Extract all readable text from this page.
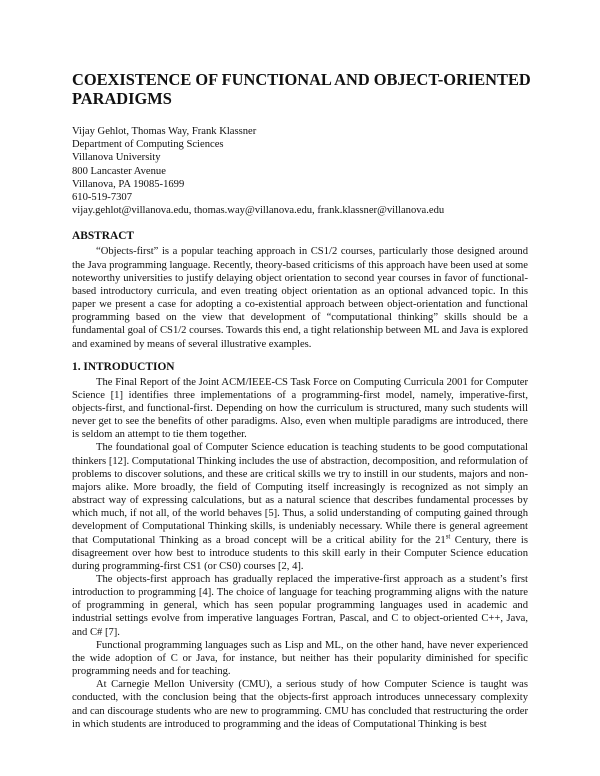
COEXISTENCE OF FUNCTIONAL AND OBJECT-ORIENTED PARADIGMS
Vijay Gehlot, Thomas Way, Frank Klassner
Department of Computing Sciences
Villanova University
800 Lancaster Avenue
Villanova, PA 19085-1699
610-519-7307
vijay.gehlot@villanova.edu, thomas.way@villanova.edu, frank.klassner@villanova.edu
ABSTRACT

“Objects-first” is a popular teaching approach in CS1/2 courses, particularly those designed around the Java programming language. Recently, theory-based criticisms of this approach have been used at some noteworthy universities to justify delaying object orientation to second year courses in favor of functional-based introductory curricula, and even treating object orientation as an optional advanced topic. In this paper we present a case for adopting a co-existential approach between object-orientation and functional programming based on the view that development of “computational thinking” skills should be a fundamental goal of CS1/2 courses. Towards this end, a tight relationship between ML and Java is explored and examined by means of several illustrative examples.

1. INTRODUCTION

The Final Report of the Joint ACM/IEEE-CS Task Force on Computing Curricula 2001 for Computer Science [1] identifies three implementations of a programming-first model, namely, imperative-first, objects-first, and functional-first. Depending on how the curriculum is structured, many such students will never get to see the benefits of other paradigms. Also, even when multiple paradigms are introduced, there is seldom an attempt to tie them together.

The foundational goal of Computer Science education is teaching students to be good computational thinkers [12]. Computational Thinking includes the use of abstraction, decomposition, and reformulation of problems to discover solutions, and these are critical skills we try to instill in our students, majors and non-majors alike. More broadly, the field of Computing itself increasingly is recognized as not simply an abstract way of expressing calculations, but as a natural science that describes fundamental processes by which much, if not all, of the world behaves [5]. Thus, a solid understanding of computing gained through development of Computational Thinking skills, is undeniably necessary. While there is general agreement that Computational Thinking as a broad concept will be a critical ability for the 21st Century, there is disagreement over how best to introduce students to this skill early in their Computer Science education during programming-first CS1 (or CS0) courses [2, 4].

The objects-first approach has gradually replaced the imperative-first approach as a student’s first introduction to programming [4]. The choice of language for teaching programming aligns with the nature of programming in general, which has seen popular programming languages used in academic and industrial settings evolve from imperative languages Fortran, Pascal, and C to object-oriented C++, Java, and C# [7].

Functional programming languages such as Lisp and ML, on the other hand, have never experienced the wide adoption of C or Java, for instance, but neither has their popularity diminished for specific programming needs and for teaching.

At Carnegie Mellon University (CMU), a serious study of how Computer Science is taught was conducted, with the conclusion being that the objects-first approach introduces unnecessary complexity and can discourage students who are new to programming. CMU has concluded that restructuring the order in which students are introduced to programming and the ideas of Computational Thinking is best
